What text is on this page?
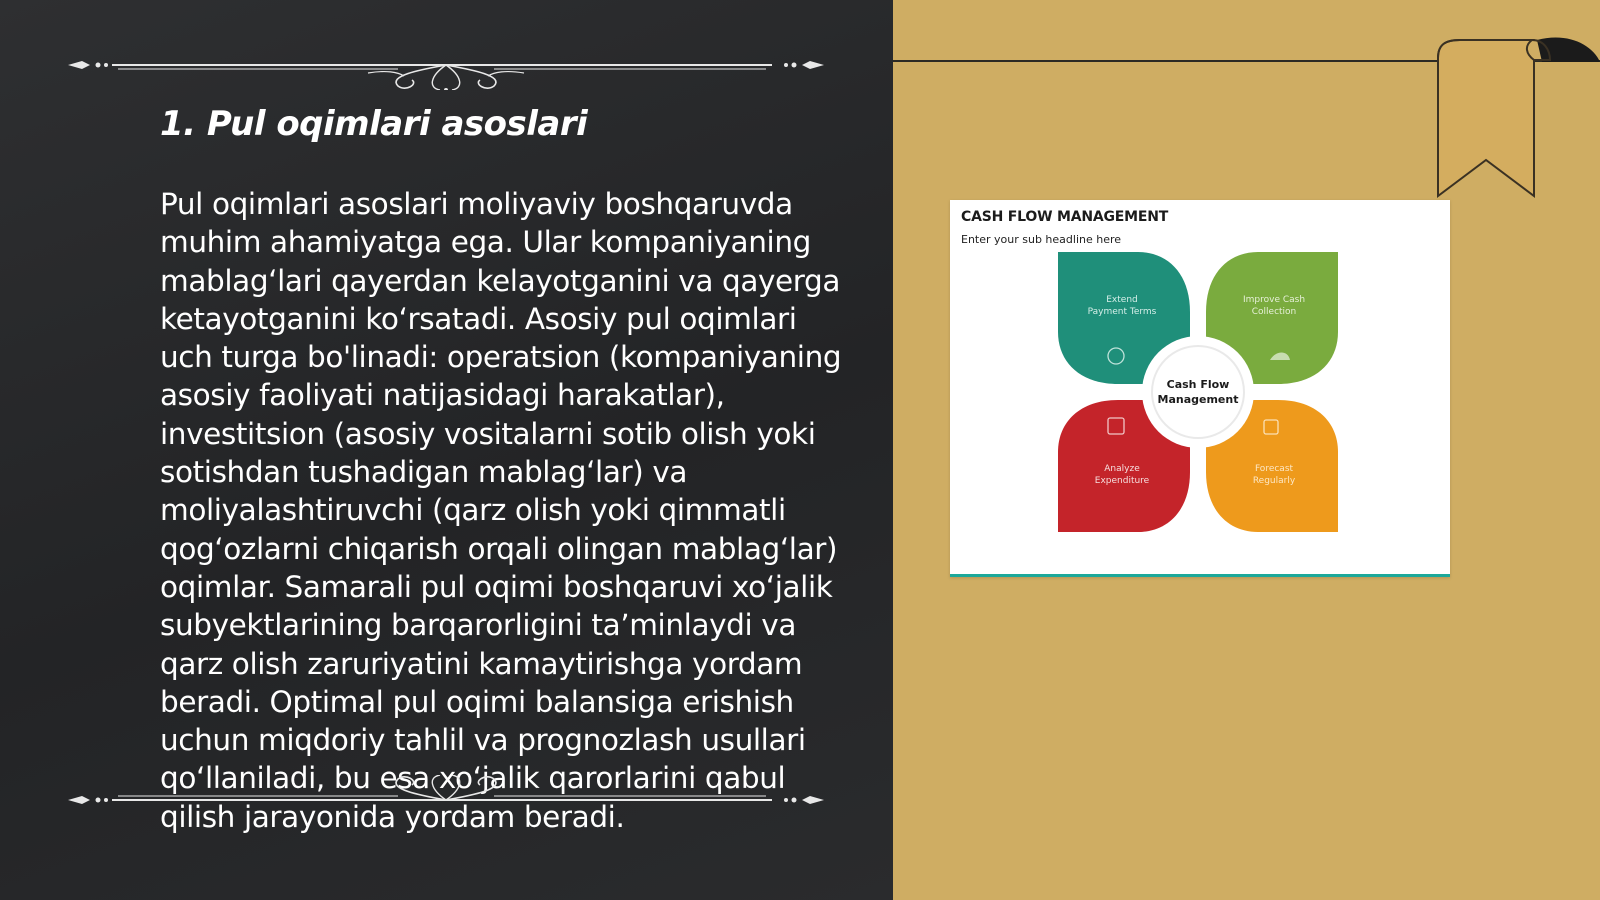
1. Pul oqimlari asoslari

Pul oqimlari asoslari moliyaviy boshqaruvda muhim ahamiyatga ega. Ular kompaniyaning mablag‘lari qayerdan kelayotganini va qayerga ketayotganini ko‘rsatadi. Asosiy pul oqimlari uch turga bo'linadi: operatsion (kompaniyaning asosiy faoliyati natijasidagi harakatlar), investitsion (asosiy vositalarni sotib olish yoki sotishdan tushadigan mablag‘lar) va moliyalashtiruvchi (qarz olish yoki qimmatli qog‘ozlarni chiqarish orqali olingan mablag‘lar) oqimlar. Samarali pul oqimi boshqaruvi xo‘jalik subyektlarining barqarorligini ta’minlaydi va qarz olish zaruriyatini kamaytirishga yordam beradi. Optimal pul oqimi balansiga erishish uchun miqdoriy tahlil va prognozlash usullari qo‘llaniladi, bu esa xo‘jalik qarorlarini qabul qilish jarayonida yordam beradi.

CASH FLOW MANAGEMENT

Enter your sub headline here

Extend
Payment Terms
Improve Cash
Collection
Analyze
Expenditure
Forecast
Regularly
Cash Flow
Management
